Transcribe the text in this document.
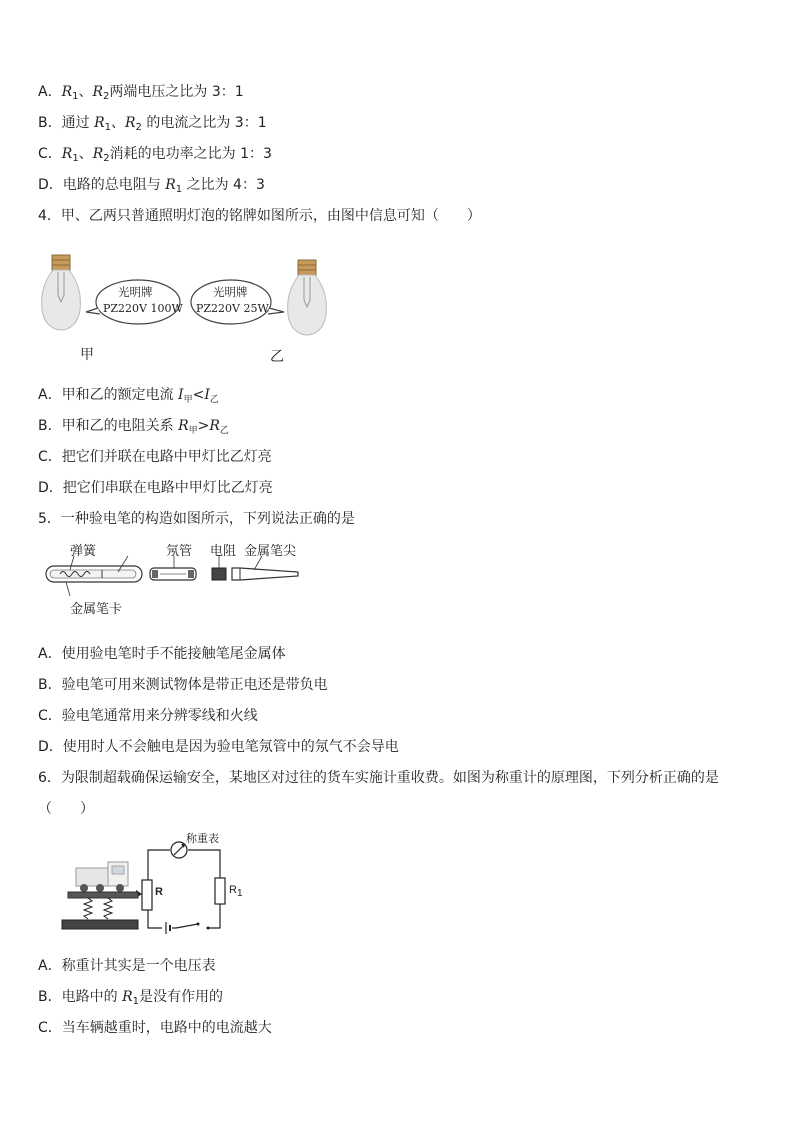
A．$R_1$、$R_2$两端电压之比为 3：1
B．通过 $R_1$、$R_2$ 的电流之比为 3：1
C．$R_1$、$R_2$消耗的电功率之比为 1：3
D．电路的总电阻与 $R_1$ 之比为 4：3
4．甲、乙两只普通照明灯泡的铭牌如图所示，由图中信息可知（　　）
光明牌
PZ220V 100W
光明牌
PZ220V 25W
甲	乙
A．甲和乙的额定电流 $I_甲<I_乙$
B．甲和乙的电阻关系 $R_甲>R_乙$
C．把它们并联在电路中甲灯比乙灯亮
D．把它们串联在电路中甲灯比乙灯亮
5．一种验电笔的构造如图所示，下列说法正确的是
弹簧	氖管 电阻 金属笔尖
金属笔卡
A．使用验电笔时手不能接触笔尾金属体
B．验电笔可用来测试物体是带正电还是带负电
C．验电笔通常用来分辨零线和火线
D．使用时人不会触电是因为验电笔氖管中的氖气不会导电
6．为限制超载确保运输安全，某地区对过往的货车实施计重收费。如图为称重计的原理图，下列分析正确的是
（　　）
称重表
R	$R_1$
A．称重计其实是一个电压表
B．电路中的 $R_1$是没有作用的
C．当车辆越重时，电路中的电流越大
